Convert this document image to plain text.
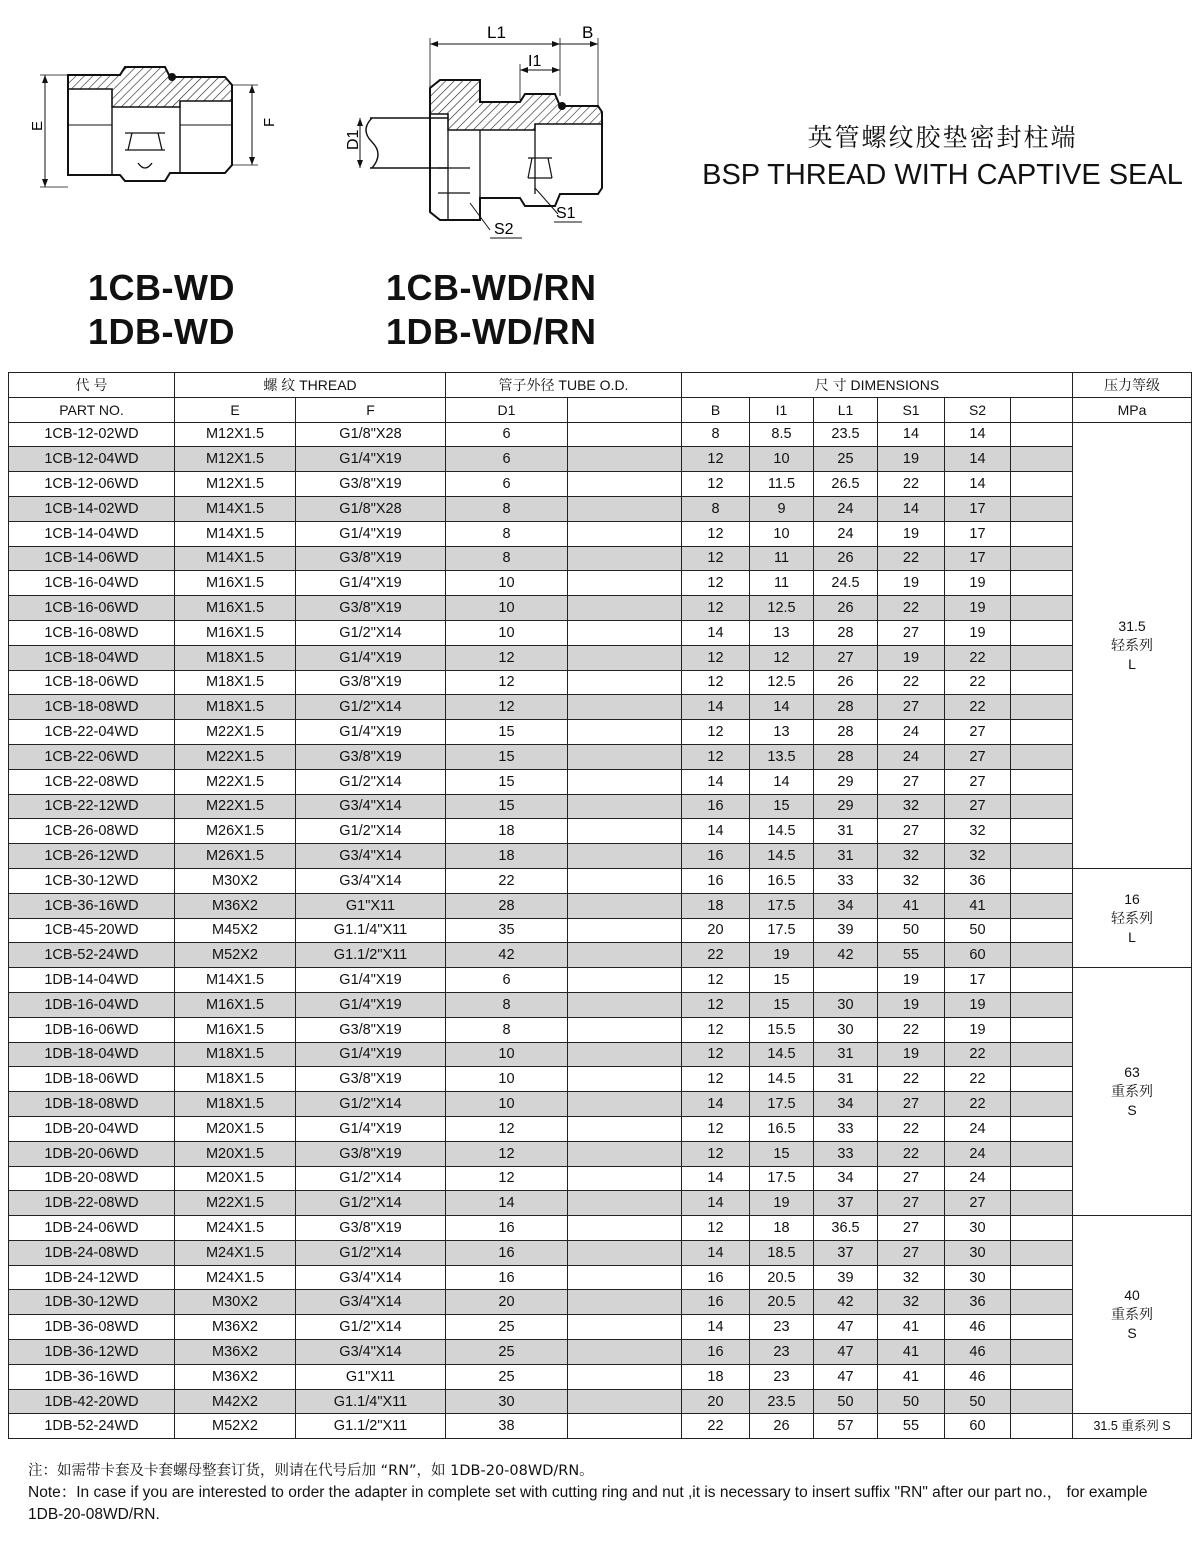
E	F
L1	B
I1
D1
S1
S2
1CB-WD
1DB-WD
1CB-WD/RN
1DB-WD/RN
英管螺纹胶垫密封柱端
BSP THREAD WITH CAPTIVE SEAL
代 号	螺 纹 THREAD		管子外径 TUBE O.D.		尺 寸 DIMENSIONS						压力等级
PART NO.	E	F	D1		B	I1	L1	S1	S2		MPa
1CB-12-02WD	M12X1.5	G1/8"X28	6		8	8.5	23.5	14	14		31.5
轻系列
L

1CB-12-04WD	M12X1.5	G1/4"X19	6		12	10	25	19	14		
1CB-12-06WD	M12X1.5	G3/8"X19	6		12	11.5	26.5	22	14		
1CB-14-02WD	M14X1.5	G1/8"X28	8		8	9	24	14	17		
1CB-14-04WD	M14X1.5	G1/4"X19	8		12	10	24	19	17		
1CB-14-06WD	M14X1.5	G3/8"X19	8		12	11	26	22	17		
1CB-16-04WD	M16X1.5	G1/4"X19	10		12	11	24.5	19	19		
1CB-16-06WD	M16X1.5	G3/8"X19	10		12	12.5	26	22	19		
1CB-16-08WD	M16X1.5	G1/2"X14	10		14	13	28	27	19		
1CB-18-04WD	M18X1.5	G1/4"X19	12		12	12	27	19	22		
1CB-18-06WD	M18X1.5	G3/8"X19	12		12	12.5	26	22	22		
1CB-18-08WD	M18X1.5	G1/2"X14	12		14	14	28	27	22		
1CB-22-04WD	M22X1.5	G1/4"X19	15		12	13	28	24	27		
1CB-22-06WD	M22X1.5	G3/8"X19	15		12	13.5	28	24	27		
1CB-22-08WD	M22X1.5	G1/2"X14	15		14	14	29	27	27		
1CB-22-12WD	M22X1.5	G3/4"X14	15		16	15	29	32	27		
1CB-26-08WD	M26X1.5	G1/2"X14	18		14	14.5	31	27	32		
1CB-26-12WD	M26X1.5	G3/4"X14	18		16	14.5	31	32	32		
1CB-30-12WD	M30X2	G3/4"X14	22		16	16.5	33	32	36		16
轻系列
L

1CB-36-16WD	M36X2	G1"X11	28		18	17.5	34	41	41		
1CB-45-20WD	M45X2	G1.1/4"X11	35		20	17.5	39	50	50		
1CB-52-24WD	M52X2	G1.1/2"X11	42		22	19	42	55	60		
1DB-14-04WD	M14X1.5	G1/4"X19	6		12	15		19	17		63
重系列
S

1DB-16-04WD	M16X1.5	G1/4"X19	8		12	15	30	19	19		
1DB-16-06WD	M16X1.5	G3/8"X19	8		12	15.5	30	22	19		
1DB-18-04WD	M18X1.5	G1/4"X19	10		12	14.5	31	19	22		
1DB-18-06WD	M18X1.5	G3/8"X19	10		12	14.5	31	22	22		
1DB-18-08WD	M18X1.5	G1/2"X14	10		14	17.5	34	27	22		
1DB-20-04WD	M20X1.5	G1/4"X19	12		12	16.5	33	22	24		
1DB-20-06WD	M20X1.5	G3/8"X19	12		12	15	33	22	24		
1DB-20-08WD	M20X1.5	G1/2"X14	12		14	17.5	34	27	24		
1DB-22-08WD	M22X1.5	G1/2"X14	14		14	19	37	27	27		
1DB-24-06WD	M24X1.5	G3/8"X19	16		12	18	36.5	27	30		40
重系列
S

1DB-24-08WD	M24X1.5	G1/2"X14	16		14	18.5	37	27	30		
1DB-24-12WD	M24X1.5	G3/4"X14	16		16	20.5	39	32	30		
1DB-30-12WD	M30X2	G3/4"X14	20		16	20.5	42	32	36		
1DB-36-08WD	M36X2	G1/2"X14	25		14	23	47	41	46		
1DB-36-12WD	M36X2	G3/4"X14	25		16	23	47	41	46		
1DB-36-16WD	M36X2	G1"X11	25		18	23	47	41	46		
1DB-42-20WD	M42X2	G1.1/4"X11	30		20	23.5	50	50	50		
1DB-52-24WD	M52X2	G1.1/2"X11	38		22	26	57	55	60		31.5 重系列 S
注：如需带卡套及卡套螺母整套订货，则请在代号后加 “RN”，如 1DB-20-08WD/RN。
Note：In case if you are interested to order the adapter in complete set with cutting ring and nut ,it is necessary to insert suffix "RN" after our part no.， for example 1DB-20-08WD/RN.
